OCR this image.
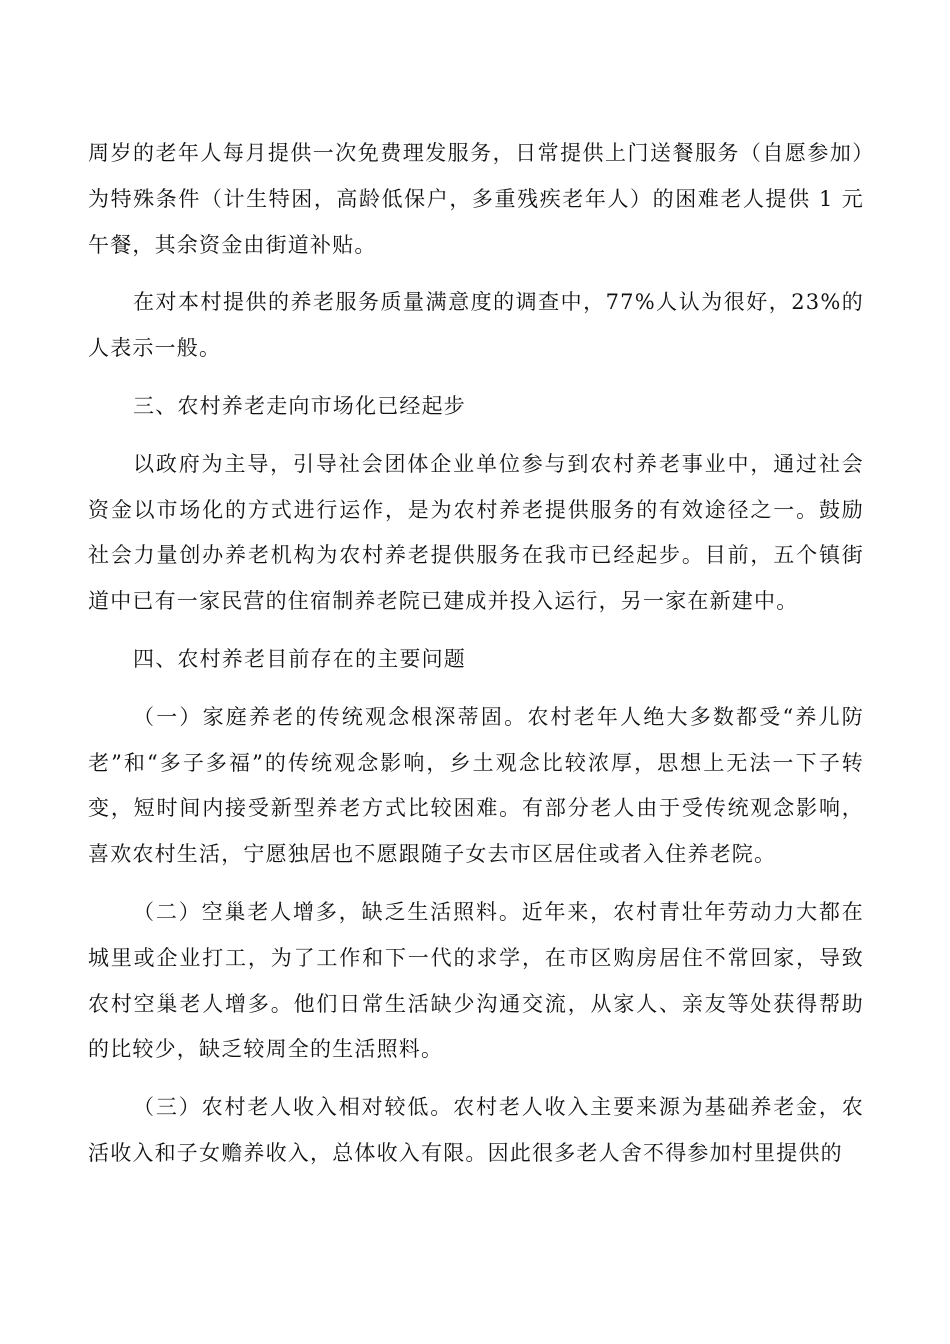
周岁的老年人每月提供一次免费理发服务，日常提供上门送餐服务（自愿参加）为特殊条件（计生特困，高龄低保户，多重残疾老年人）的困难老人提供 1 元午餐，其余资金由街道补贴。

在对本村提供的养老服务质量满意度的调查中，77%人认为很好，23%的人表示一般。

三、农村养老走向市场化已经起步

以政府为主导，引导社会团体企业单位参与到农村养老事业中，通过社会资金以市场化的方式进行运作，是为农村养老提供服务的有效途径之一。鼓励社会力量创办养老机构为农村养老提供服务在我市已经起步。目前，五个镇街道中已有一家民营的住宿制养老院已建成并投入运行，另一家在新建中。

四、农村养老目前存在的主要问题

（一）家庭养老的传统观念根深蒂固。农村老年人绝大多数都受“养儿防老”和“多子多福”的传统观念影响，乡土观念比较浓厚，思想上无法一下子转变，短时间内接受新型养老方式比较困难。有部分老人由于受传统观念影响，喜欢农村生活，宁愿独居也不愿跟随子女去市区居住或者入住养老院。

（二）空巢老人增多，缺乏生活照料。近年来，农村青壮年劳动力大都在城里或企业打工，为了工作和下一代的求学，在市区购房居住不常回家，导致农村空巢老人增多。他们日常生活缺少沟通交流，从家人、亲友等处获得帮助的比较少，缺乏较周全的生活照料。

（三）农村老人收入相对较低。农村老人收入主要来源为基础养老金，农活收入和子女赡养收入，总体收入有限。因此很多老人舍不得参加村里提供的
